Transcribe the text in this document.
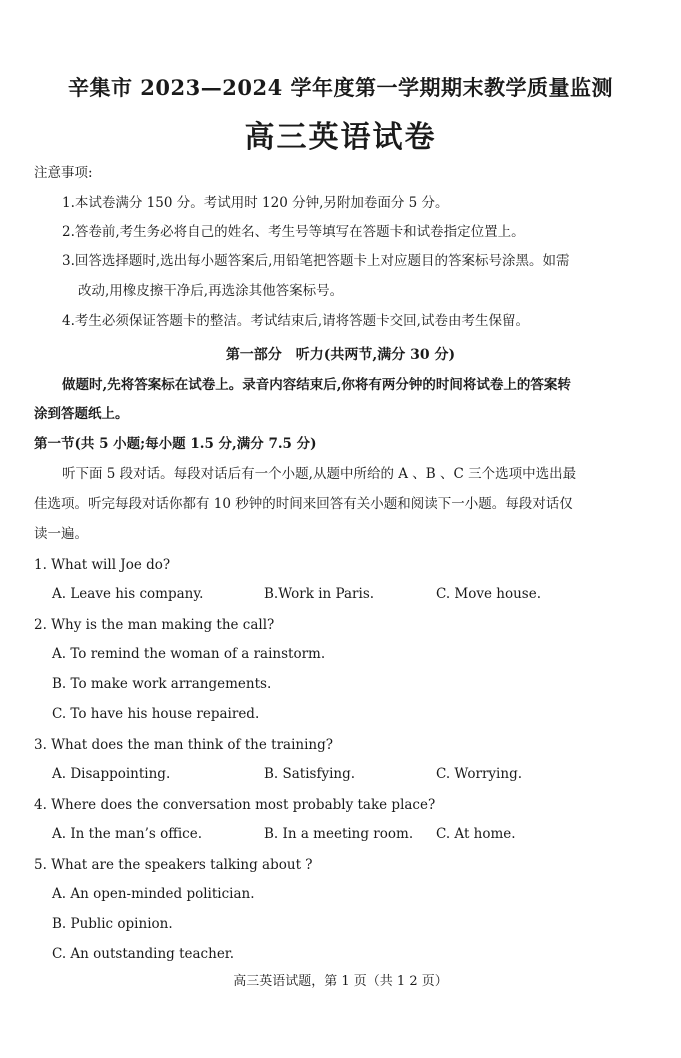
辛集市 2023—2024 学年度第一学期期末教学质量监测
高三英语试卷
注意事项:
1.本试卷满分 150 分。考试用时 120 分钟,另附加卷面分 5 分。
2.答卷前,考生务必将自己的姓名、考生号等填写在答题卡和试卷指定位置上。
3.回答选择题时,选出每小题答案后,用铅笔把答题卡上对应题目的答案标号涂黑。如需
改动,用橡皮擦干净后,再选涂其他答案标号。
4.考生必须保证答题卡的整洁。考试结束后,请将答题卡交回,试卷由考生保留。
第一部分　听力(共两节,满分 30 分)
做题时,先将答案标在试卷上。录音内容结束后,你将有两分钟的时间将试卷上的答案转
涂到答题纸上。
第一节(共 5 小题;每小题 1.5 分,满分 7.5 分)
听下面 5 段对话。每段对话后有一个小题,从题中所给的 A 、B 、C 三个选项中选出最
佳选项。听完每段对话你都有 10 秒钟的时间来回答有关小题和阅读下一小题。每段对话仅
读一遍。
1. What will Joe do?
A. Leave his company.	B.Work in Paris.	C. Move house.
2. Why is the man making the call?
A. To remind the woman of a rainstorm.
B. To make work arrangements.
C. To have his house repaired.
3. What does the man think of the training?
A. Disappointing.	B. Satisfying.	C. Worrying.
4. Where does the conversation most probably take place?
A. In the man’s office.	B. In a meeting room. C. At home.
5. What are the speakers talking about ?
A. An open-minded politician.
B. Public opinion.
C. An outstanding teacher.
高三英语试题，第 1 页（共 1 2 页）
